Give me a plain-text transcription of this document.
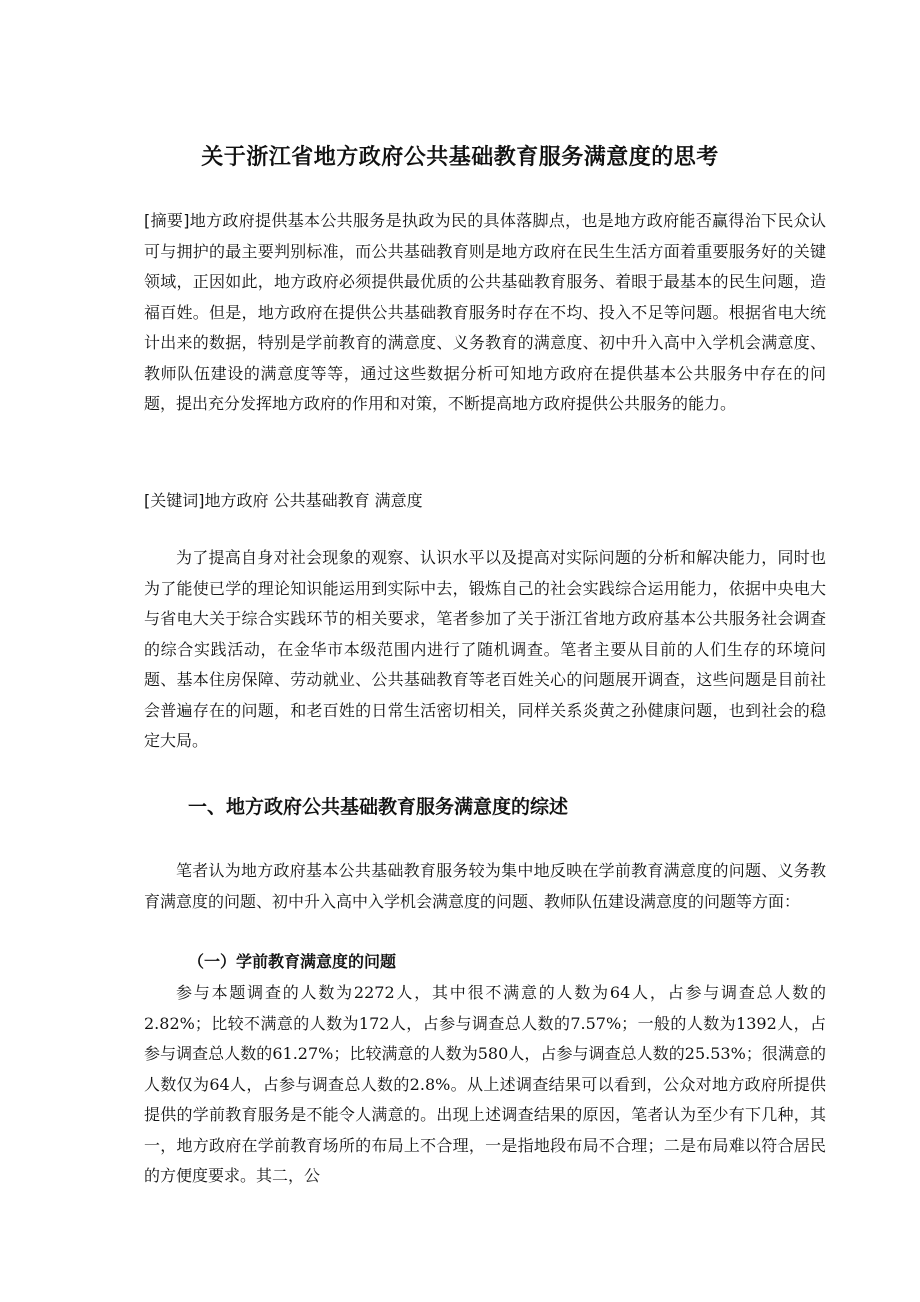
关于浙江省地方政府公共基础教育服务满意度的思考
[摘要]地方政府提供基本公共服务是执政为民的具体落脚点，也是地方政府能否赢得治下民众认可与拥护的最主要判别标准，而公共基础教育则是地方政府在民生生活方面着重要服务好的关键领域，正因如此，地方政府必须提供最优质的公共基础教育服务、着眼于最基本的民生问题，造福百姓。但是，地方政府在提供公共基础教育服务时存在不均、投入不足等问题。根据省电大统计出来的数据，特别是学前教育的满意度、义务教育的满意度、初中升入高中入学机会满意度、教师队伍建设的满意度等等，通过这些数据分析可知地方政府在提供基本公共服务中存在的问题，提出充分发挥地方政府的作用和对策，不断提高地方政府提供公共服务的能力。
[关键词]地方政府 公共基础教育 满意度
为了提高自身对社会现象的观察、认识水平以及提高对实际问题的分析和解决能力，同时也为了能使已学的理论知识能运用到实际中去，锻炼自己的社会实践综合运用能力，依据中央电大与省电大关于综合实践环节的相关要求，笔者参加了关于浙江省地方政府基本公共服务社会调查的综合实践活动，在金华市本级范围内进行了随机调查。笔者主要从目前的人们生存的环境问题、基本住房保障、劳动就业、公共基础教育等老百姓关心的问题展开调查，这些问题是目前社会普遍存在的问题，和老百姓的日常生活密切相关，同样关系炎黄之孙健康问题，也到社会的稳定大局。
一、地方政府公共基础教育服务满意度的综述
笔者认为地方政府基本公共基础教育服务较为集中地反映在学前教育满意度的问题、义务教育满意度的问题、初中升入高中入学机会满意度的问题、教师队伍建设满意度的问题等方面：
（一）学前教育满意度的问题
参与本题调查的人数为2272人，其中很不满意的人数为64人，占参与调查总人数的2.82%；比较不满意的人数为172人，占参与调查总人数的7.57%；一般的人数为1392人，占参与调查总人数的61.27%；比较满意的人数为580人，占参与调查总人数的25.53%；很满意的人数仅为64人，占参与调查总人数的2.8%。从上述调查结果可以看到，公众对地方政府所提供提供的学前教育服务是不能令人满意的。出现上述调查结果的原因，笔者认为至少有下几种，其一，地方政府在学前教育场所的布局上不合理，一是指地段布局不合理；二是布局难以符合居民的方便度要求。其二，公
